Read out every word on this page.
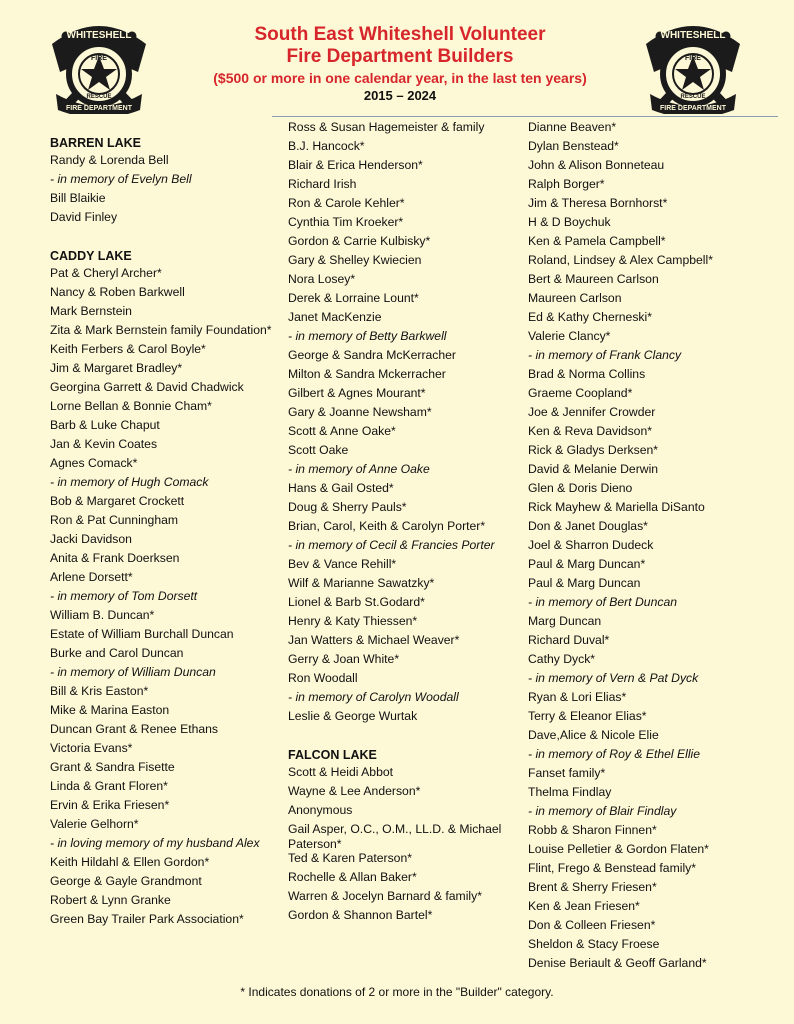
WHITESHELL
FIRE
RESCUE
FIRE DEPARTMENT
WHITESHELL
FIRE
RESCUE
FIRE DEPARTMENT
South East Whiteshell Volunteer
Fire Department Builders
($500 or more in one calendar year, in the last ten years)
2015 – 2024
BARREN LAKE
Randy & Lorenda Bell
- in memory of Evelyn Bell
Bill Blaikie
David Finley
CADDY LAKE
Pat & Cheryl Archer*
Nancy & Roben Barkwell
Mark Bernstein
Zita & Mark Bernstein family Foundation*
Keith Ferbers & Carol Boyle*
Jim & Margaret Bradley*
Georgina Garrett & David Chadwick
Lorne Bellan & Bonnie Cham*
Barb & Luke Chaput
Jan & Kevin Coates
Agnes Comack*
- in memory of Hugh Comack
Bob & Margaret Crockett
Ron & Pat Cunningham
Jacki Davidson
Anita & Frank Doerksen
Arlene Dorsett*
- in memory of Tom Dorsett
William B. Duncan*
Estate of William Burchall Duncan
Burke and Carol Duncan
- in memory of William Duncan
Bill & Kris Easton*
Mike & Marina Easton
Duncan Grant & Renee Ethans
Victoria Evans*
Grant & Sandra Fisette
Linda & Grant Floren*
Ervin & Erika Friesen*
Valerie Gelhorn*
- in loving memory of my husband Alex
Keith Hildahl & Ellen Gordon*
George & Gayle Grandmont
Robert & Lynn Granke
Green Bay Trailer Park Association*
Ross & Susan Hagemeister & family
B.J. Hancock*
Blair & Erica Henderson*
Richard Irish
Ron & Carole Kehler*
Cynthia Tim Kroeker*
Gordon & Carrie Kulbisky*
Gary & Shelley Kwiecien
Nora Losey*
Derek & Lorraine Lount*
Janet MacKenzie
- in memory of Betty Barkwell
George & Sandra McKerracher
Milton & Sandra Mckerracher
Gilbert & Agnes Mourant*
Gary & Joanne Newsham*
Scott & Anne Oake*
Scott Oake
- in memory of Anne Oake
Hans & Gail Osted*
Doug & Sherry Pauls*
Brian, Carol, Keith & Carolyn Porter*
- in memory of Cecil & Francies Porter
Bev & Vance Rehill*
Wilf & Marianne Sawatzky*
Lionel & Barb St.Godard*
Henry & Katy Thiessen*
Jan Watters & Michael Weaver*
Gerry & Joan White*
Ron Woodall
- in memory of Carolyn Woodall
Leslie & George Wurtak
FALCON LAKE
Scott & Heidi Abbot
Wayne & Lee Anderson*
Anonymous
Gail Asper, O.C., O.M., LL.D. & Michael Paterson*
Ted & Karen Paterson*
Rochelle & Allan Baker*
Warren & Jocelyn Barnard & family*
Gordon & Shannon Bartel*
Dianne Beaven*
Dylan Benstead*
John & Alison Bonneteau
Ralph Borger*
Jim & Theresa Bornhorst*
H & D Boychuk
Ken & Pamela Campbell*
Roland, Lindsey & Alex Campbell*
Bert & Maureen Carlson
Maureen Carlson
Ed & Kathy Cherneski*
Valerie Clancy*
- in memory of Frank Clancy
Brad & Norma Collins
Graeme Coopland*
Joe & Jennifer Crowder
Ken & Reva Davidson*
Rick & Gladys Derksen*
David & Melanie Derwin
Glen & Doris Dieno
Rick Mayhew & Mariella DiSanto
Don & Janet Douglas*
Joel & Sharron Dudeck
Paul & Marg Duncan*
Paul & Marg Duncan
- in memory of Bert Duncan
Marg Duncan
Richard Duval*
Cathy Dyck*
- in memory of Vern & Pat Dyck
Ryan & Lori Elias*
Terry & Eleanor Elias*
Dave,Alice & Nicole Elie
- in memory of Roy & Ethel Ellie
Fanset family*
Thelma Findlay
- in memory of Blair Findlay
Robb & Sharon Finnen*
Louise Pelletier & Gordon Flaten*
Flint, Frego & Benstead family*
Brent & Sherry Friesen*
Ken & Jean Friesen*
Don & Colleen Friesen*
Sheldon & Stacy Froese
Denise Beriault & Geoff Garland*
* Indicates donations of 2 or more in the "Builder" category.
